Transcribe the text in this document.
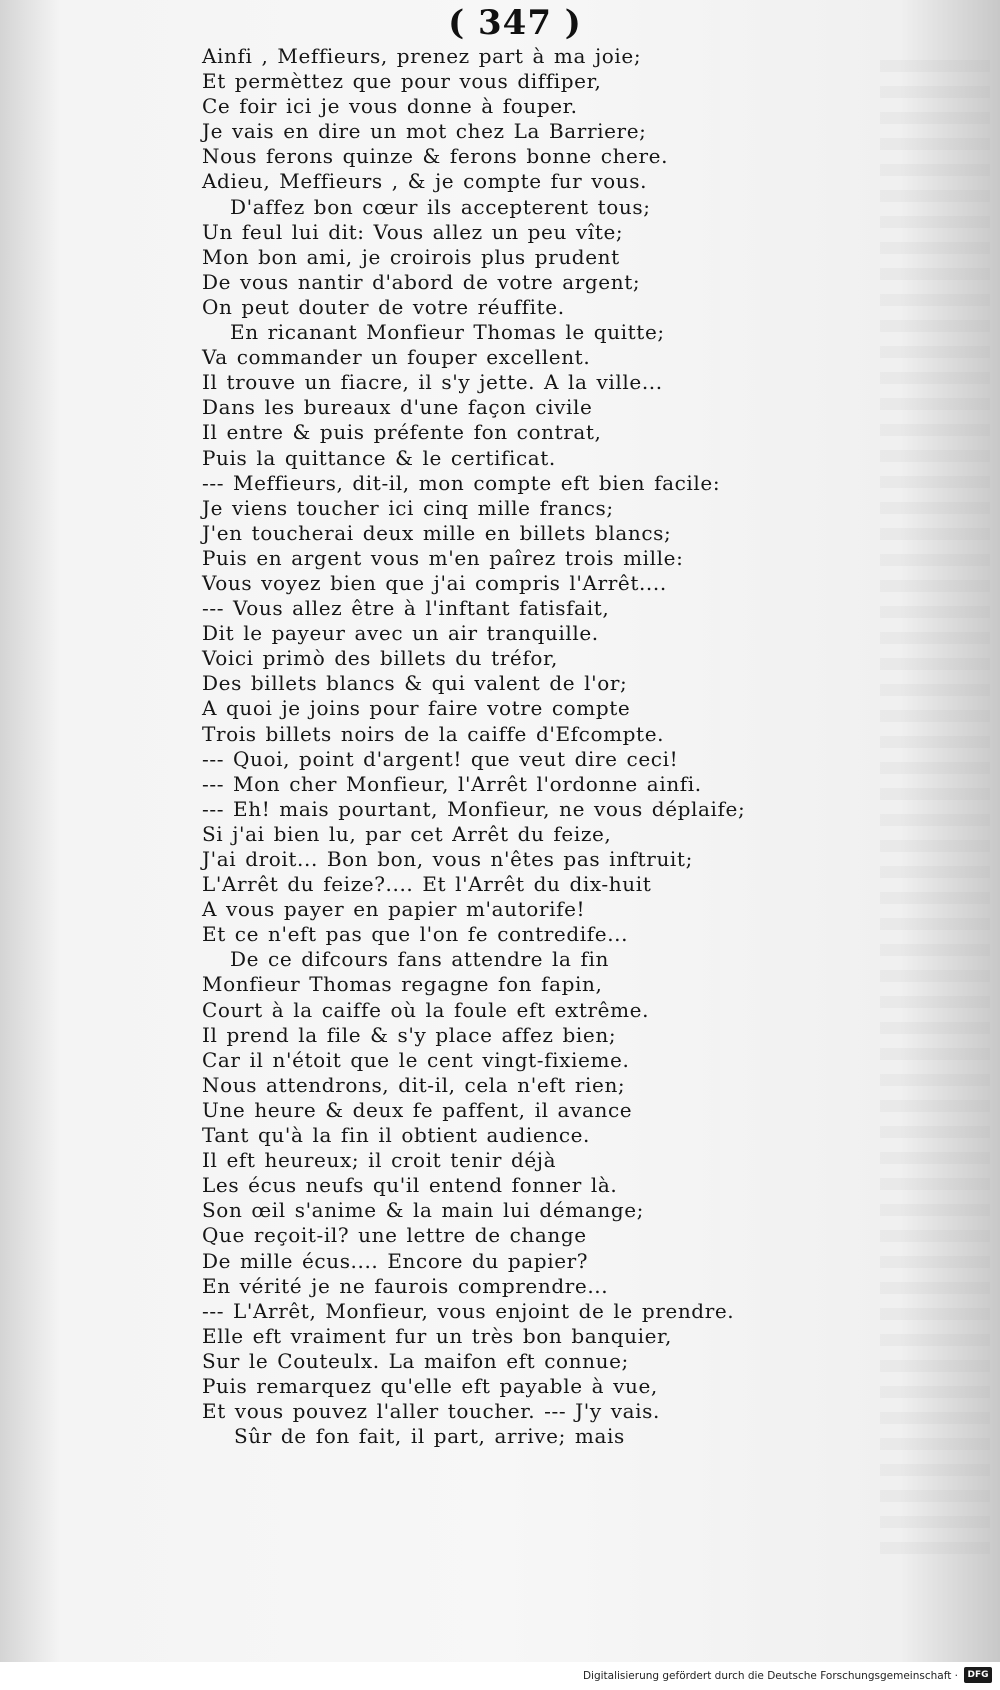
( 347 )
Ainfi , Meffieurs, prenez part à ma joie;
Et permèttez que pour vous diffiper,
Ce foir ici je vous donne à fouper.
Je vais en dire un mot chez La Barriere;
Nous ferons quinze & ferons bonne chere.
Adieu, Meffieurs , & je compte fur vous.
D'affez bon cœur ils accepterent tous;
Un feul lui dit: Vous allez un peu vîte;
Mon bon ami, je croirois plus prudent
De vous nantir d'abord de votre argent;
On peut douter de votre réuffite.
En ricanant Monfieur Thomas le quitte;
Va commander un fouper excellent.
Il trouve un fiacre, il s'y jette. A la ville...
Dans les bureaux d'une façon civile
Il entre & puis préfente fon contrat,
Puis la quittance & le certificat.
--- Meffieurs, dit-il, mon compte eft bien facile:
Je viens toucher ici cinq mille francs;
J'en toucherai deux mille en billets blancs;
Puis en argent vous m'en paîrez trois mille:
Vous voyez bien que j'ai compris l'Arrêt....
--- Vous allez être à l'inftant fatisfait,
Dit le payeur avec un air tranquille.
Voici primò des billets du tréfor,
Des billets blancs & qui valent de l'or;
A quoi je joins pour faire votre compte
Trois billets noirs de la caiffe d'Efcompte.
--- Quoi, point d'argent! que veut dire ceci!
--- Mon cher Monfieur, l'Arrêt l'ordonne ainfi.
--- Eh! mais pourtant, Monfieur, ne vous déplaife;
Si j'ai bien lu, par cet Arrêt du feize,
J'ai droit... Bon bon, vous n'êtes pas inftruit;
L'Arrêt du feize?.... Et l'Arrêt du dix-huit
A vous payer en papier m'autorife!
Et ce n'eft pas que l'on fe contredife...
De ce difcours fans attendre la fin
Monfieur Thomas regagne fon fapin,
Court à la caiffe où la foule eft extrême.
Il prend la file & s'y place affez bien;
Car il n'étoit que le cent vingt-fixieme.
Nous attendrons, dit-il, cela n'eft rien;
Une heure & deux fe paffent, il avance
Tant qu'à la fin il obtient audience.
Il eft heureux; il croit tenir déjà
Les écus neufs qu'il entend fonner là.
Son œil s'anime & la main lui démange;
Que reçoit-il? une lettre de change
De mille écus.... Encore du papier?
En vérité je ne faurois comprendre...
--- L'Arrêt, Monfieur, vous enjoint de le prendre.
Elle eft vraiment fur un très bon banquier,
Sur le Couteulx. La maifon eft connue;
Puis remarquez qu'elle eft payable à vue,
Et vous pouvez l'aller toucher. --- J'y vais.
Sûr de fon fait, il part, arrive; mais
Digitalisierung gefördert durch die Deutsche Forschungsgemeinschaft ·	DFG
